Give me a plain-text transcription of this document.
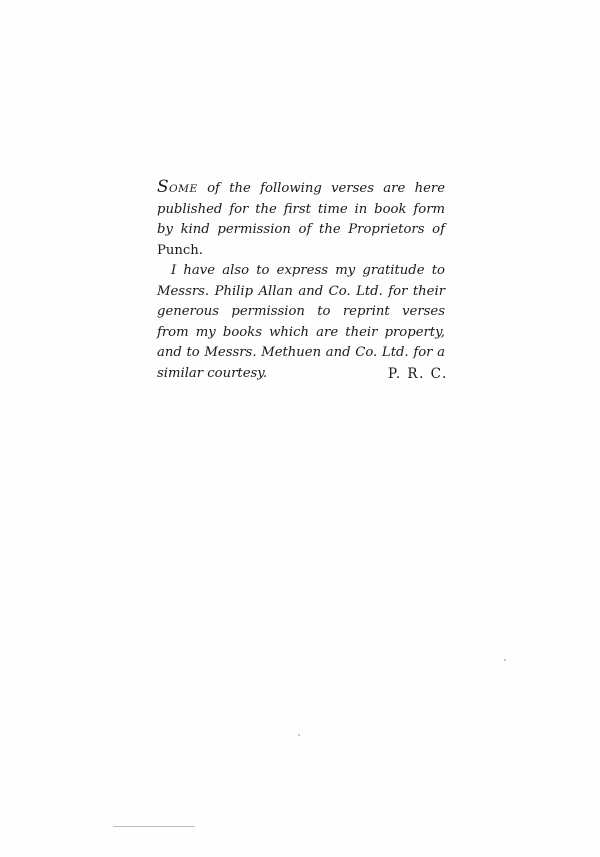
SOME of the following verses are here published for the first time in book form by kind permission of the Proprietors of Punch.

I have also to express my gratitude to Messrs. Philip Allan and Co. Ltd. for their generous permission to reprint verses from my books which are their property, and to Messrs. Methuen and Co. Ltd. for a similar courtesy.	P. R. C.
